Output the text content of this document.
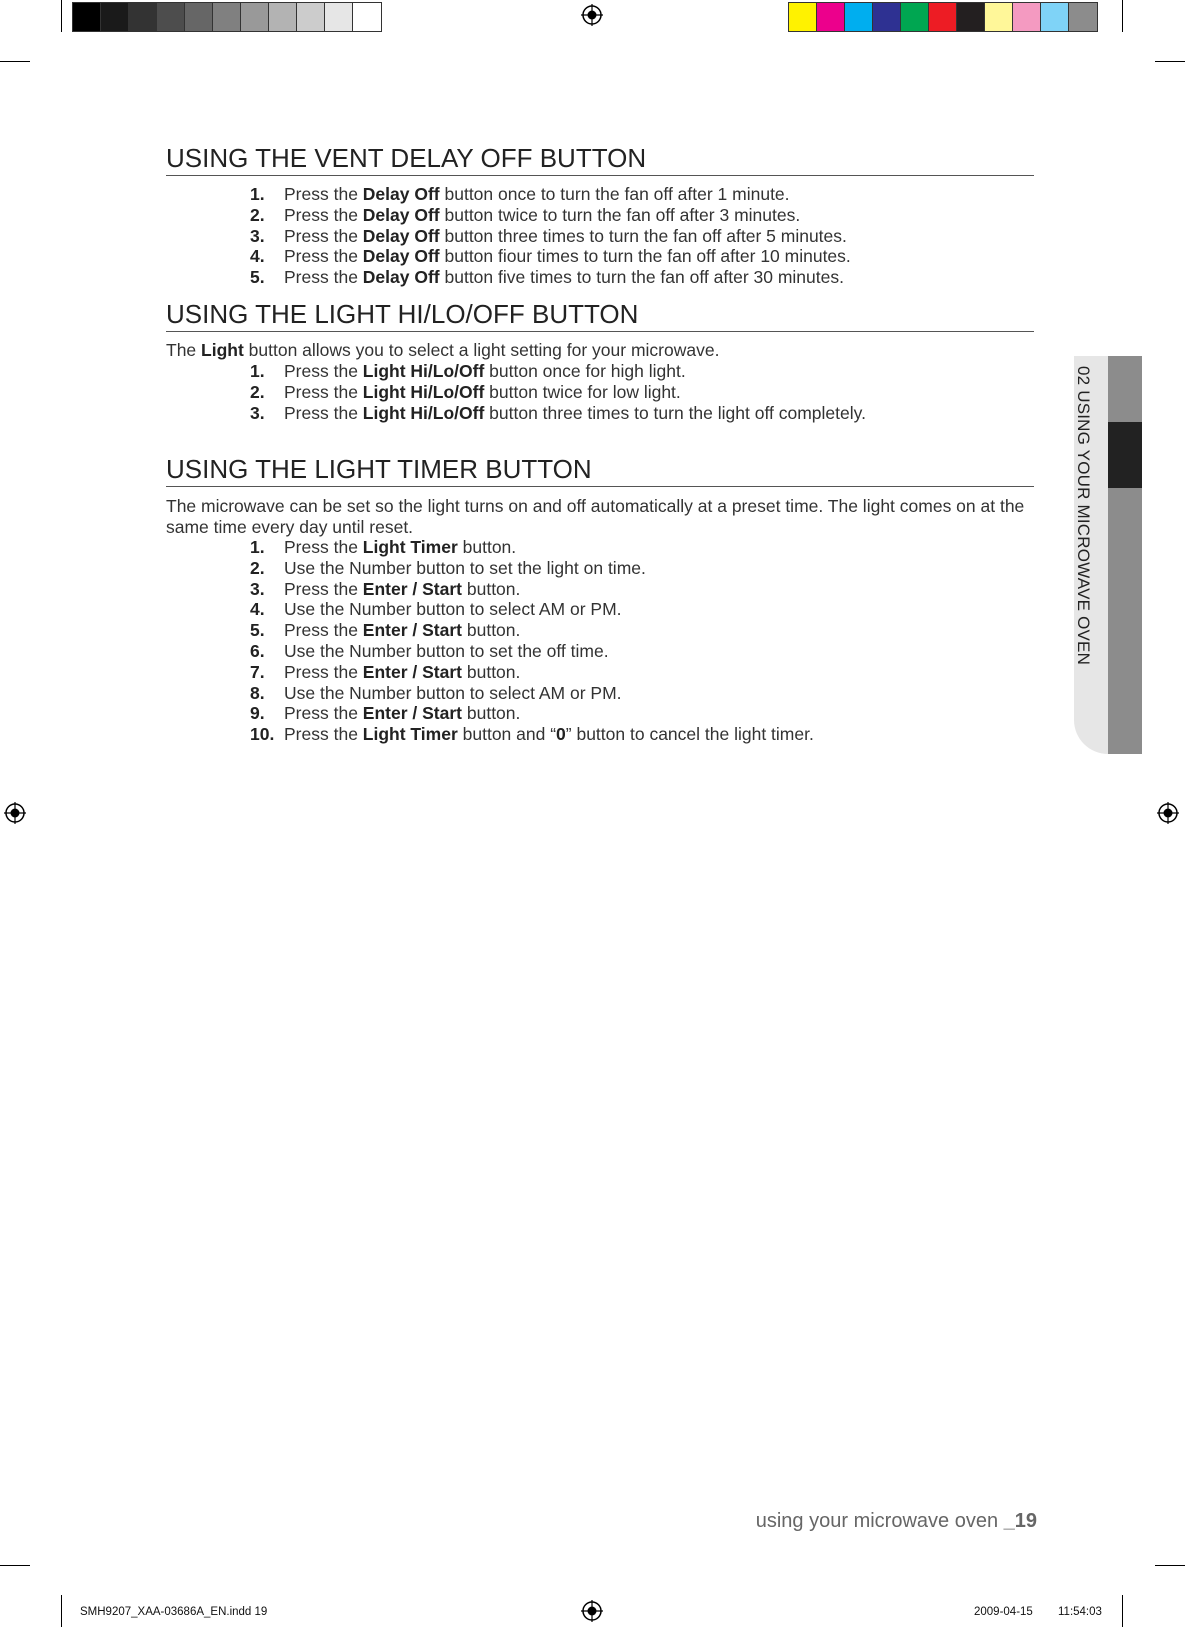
USING THE VENT DELAY OFF BUTTON
1.	Press the Delay Off button once to turn the fan off after 1 minute.
2.	Press the Delay Off button twice to turn the fan off after 3 minutes.
3.	Press the Delay Off button three times to turn the fan off after 5 minutes.
4.	Press the Delay Off button fiour times to turn the fan off after 10 minutes.
5.	Press the Delay Off button five times to turn the fan off after 30 minutes.
USING THE LIGHT HI/LO/OFF BUTTON
The Light button allows you to select a light setting for your microwave.
1.	Press the Light Hi/Lo/Off button once for high light.
2.	Press the Light Hi/Lo/Off button twice for low light.
3.	Press the Light Hi/Lo/Off button three times to turn the light off completely.
USING THE LIGHT TIMER BUTTON
The microwave can be set so the light turns on and off automatically at a preset time. The light comes on at the same time every day until reset.
1.	Press the Light Timer button.
2.	Use the Number button to set the light on time.
3.	Press the Enter / Start button.
4.	Use the Number button to select AM or PM.
5.	Press the Enter / Start button.
6.	Use the Number button to set the off time.
7.	Press the Enter / Start button.
8.	Use the Number button to select AM or PM.
9.	Press the Enter / Start button.
10. Press the Light Timer button and “0” button to cancel the light timer.
02 USING YOUR MICROWAVE OVEN
using your microwave oven _19
SMH9207_XAA-03686A_EN.indd 19	2009-04-15 11:54:03
